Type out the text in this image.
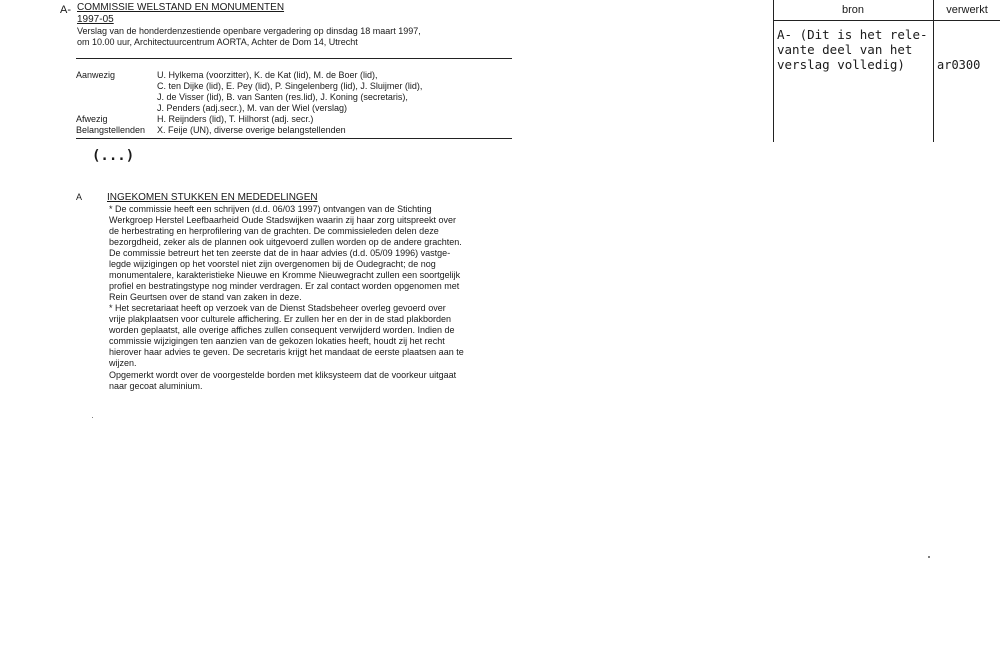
A- COMMISSIE WELSTAND EN MONUMENTEN
1997-05
Verslag van de honderdenzestiende openbare vergadering op dinsdag 18 maart 1997,
om 10.00 uur, Architectuurcentrum AORTA, Achter de Dom 14, Utrecht
Aanwezig	U. Hylkema (voorzitter), K. de Kat (lid), M. de Boer (lid),
C. ten Dijke (lid), E. Pey (lid), P. Singelenberg (lid), J. Sluijmer (lid),
J. de Visser (lid), B. van Santen (res.lid), J. Koning (secretaris),
J. Penders (adj.secr.), M. van der Wiel (verslag)
Afwezig	H. Reijnders (lid), T. Hilhorst (adj. secr.)
Belangstellenden X. Feije (UN), diverse overige belangstellenden
(...)
A INGEKOMEN STUKKEN EN MEDEDELINGEN
* De commissie heeft een schrijven (d.d. 06/03 1997) ontvangen van de Stichting
Werkgroep Herstel Leefbaarheid Oude Stadswijken waarin zij haar zorg uitspreekt over
de herbestrating en herprofilering van de grachten. De commissieleden delen deze
bezorgdheid, zeker als de plannen ook uitgevoerd zullen worden op de andere grachten.
De commissie betreurt het ten zeerste dat de in haar advies (d.d. 05/09 1996) vastge-
legde wijzigingen op het voorstel niet zijn overgenomen bij de Oudegracht; de nog
monumentalere, karakteristieke Nieuwe en Kromme Nieuwegracht zullen een soortgelijk
profiel en bestratingstype nog minder verdragen. Er zal contact worden opgenomen met
Rein Geurtsen over de stand van zaken in deze.
* Het secretariaat heeft op verzoek van de Dienst Stadsbeheer overleg gevoerd over
vrije plakplaatsen voor culturele affichering. Er zullen her en der in de stad plakborden
worden geplaatst, alle overige affiches zullen consequent verwijderd worden. Indien de
commissie wijzigingen ten aanzien van de gekozen lokaties heeft, houdt zij het recht
hierover haar advies te geven. De secretaris krijgt het mandaat de eerste plaatsen aan te
wijzen.
Opgemerkt wordt over de voorgestelde borden met kliksysteem dat de voorkeur uitgaat
naar gecoat aluminium.
bron	verwerkt
A- (Dit is het rele-
vante deel van het
verslag volledig)	ar0300
